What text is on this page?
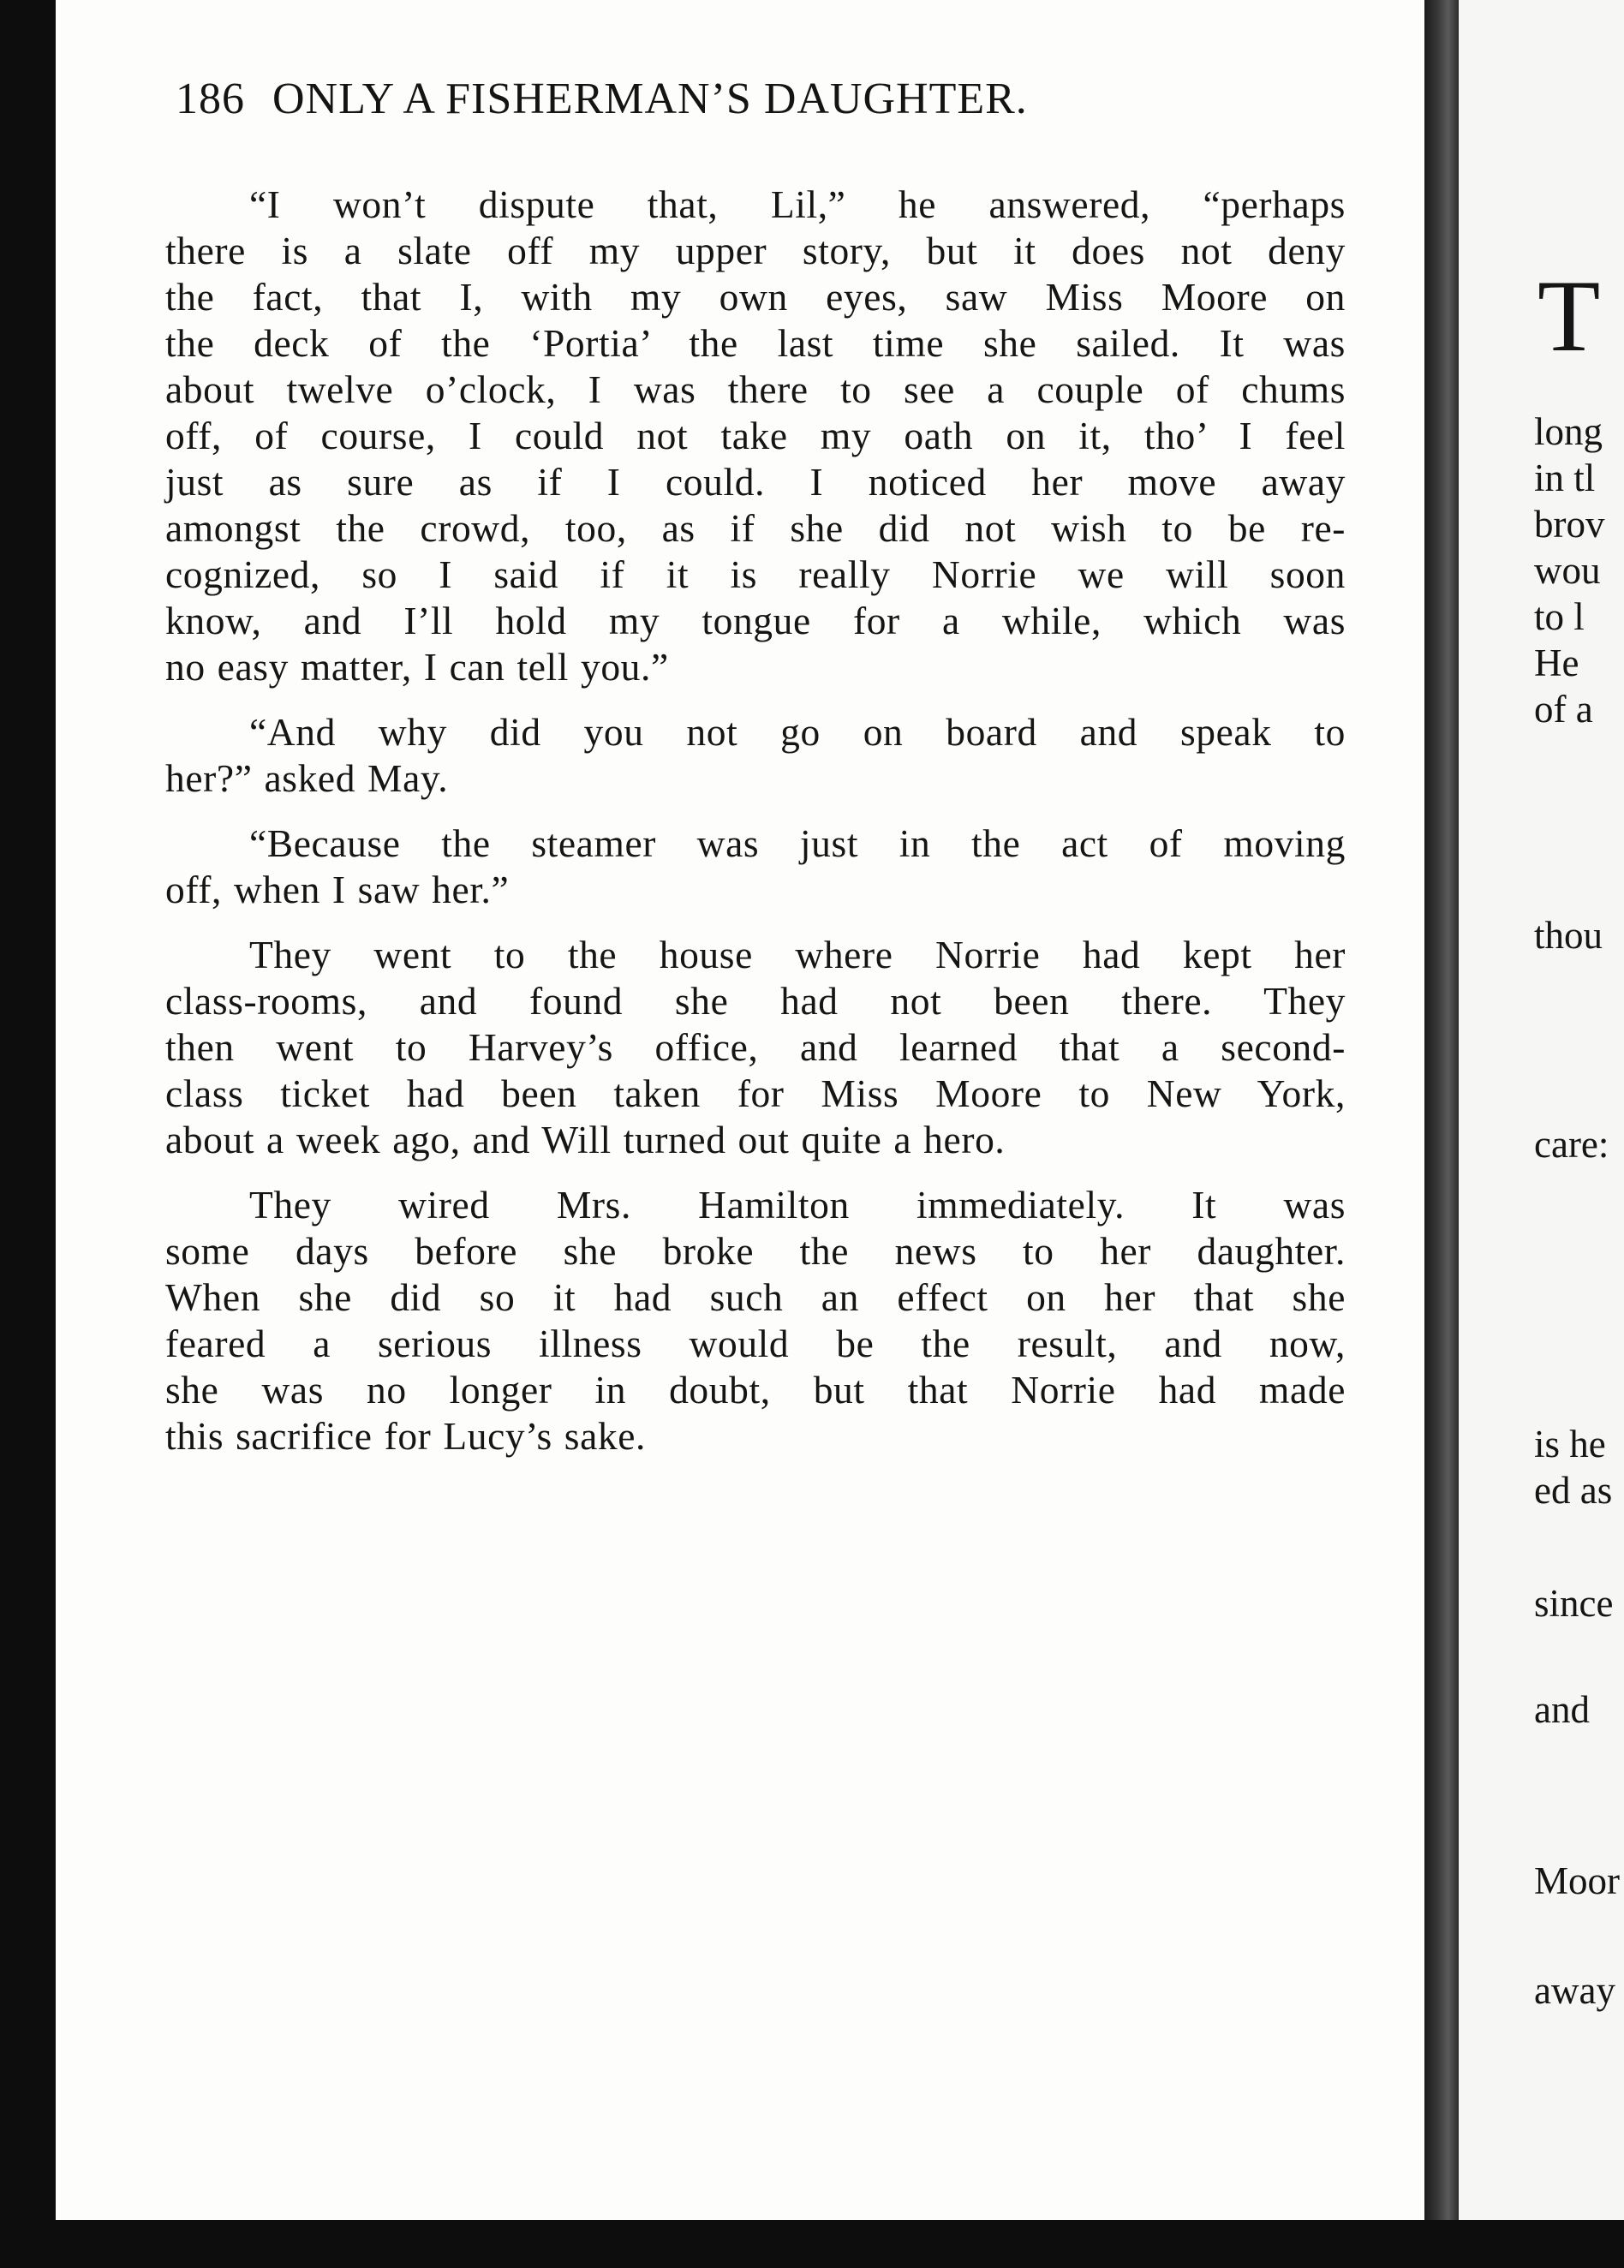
186 ONLY A FISHERMAN’S DAUGHTER.
“I won’t dispute that, Lil,” he answered, “perhaps
there is a slate off my upper story, but it does not deny
the fact, that I, with my own eyes, saw Miss Moore on
the deck of the ‘Portia’ the last time she sailed. It was
about twelve o’clock, I was there to see a couple of chums
off, of course, I could not take my oath on it, tho’ I feel
just as sure as if I could. I noticed her move away
amongst the crowd, too, as if she did not wish to be re-
cognized, so I said if it is really Norrie we will soon
know, and I’ll hold my tongue for a while, which was
no easy matter, I can tell you.”
“And why did you not go on board and speak to
her?” asked May.
“Because the steamer was just in the act of moving
off, when I saw her.”
They went to the house where Norrie had kept her
class-rooms, and found she had not been there. They
then went to Harvey’s office, and learned that a second-
class ticket had been taken for Miss Moore to New York,
about a week ago, and Will turned out quite a hero.
They wired Mrs. Hamilton immediately. It was
some days before she broke the news to her daughter.
When she did so it had such an effect on her that she
feared a serious illness would be the result, and now,
she was no longer in doubt, but that Norrie had made
this sacrifice for Lucy’s sake.
T
long
in tl
brov
wou
to l
He
of a
thou
care:
is he
ed as
since
and
Moor
away
